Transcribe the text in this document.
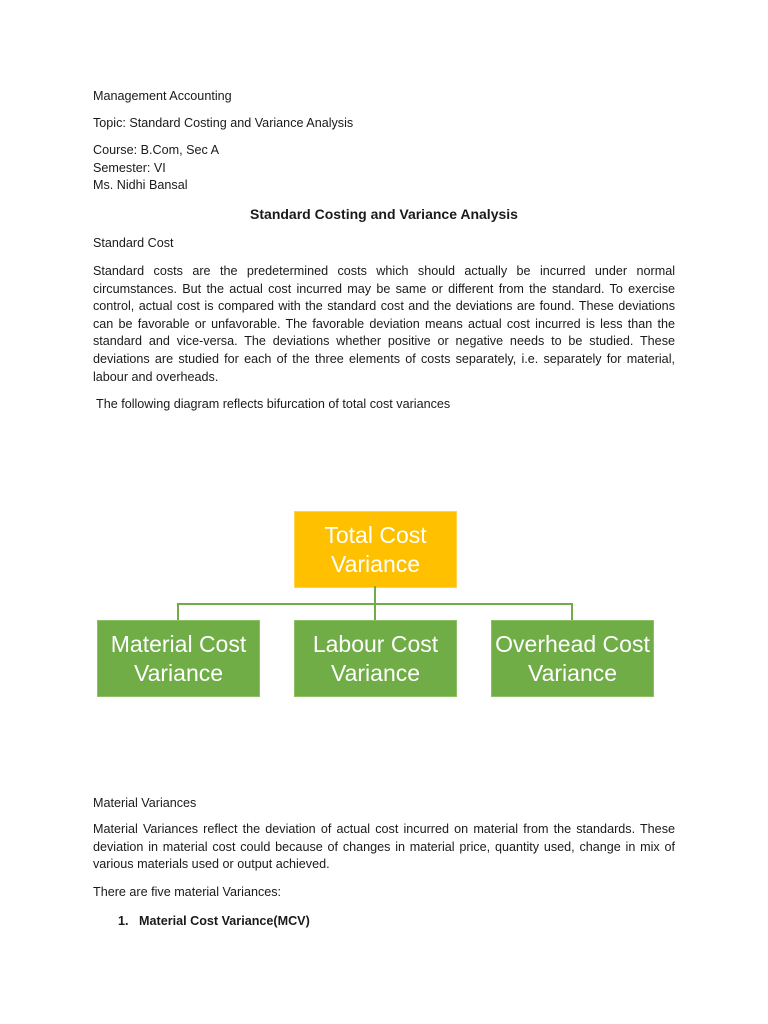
Management Accounting
Topic: Standard Costing and Variance Analysis
Course: B.Com, Sec A
Semester: VI
Ms. Nidhi Bansal
Standard Costing and Variance Analysis
Standard Cost
Standard costs are the predetermined costs which should actually be incurred under normal circumstances. But the actual cost incurred may be same or different from the standard. To exercise control, actual cost is compared with the standard cost and the deviations are found. These deviations can be favorable or unfavorable. The favorable deviation means actual cost incurred is less than the standard and vice-versa. The deviations whether positive or negative needs to be studied. These deviations are studied for each of the three elements of costs separately, i.e. separately for material, labour and overheads.
The following diagram reflects bifurcation of total cost variances
Total Cost Variance
Material Cost Variance
Labour Cost Variance
Overhead Cost Variance
Material Variances
Material Variances reflect the deviation of actual cost incurred on material from the standards. These deviation in material cost could because of changes in material price, quantity used, change in mix of various materials used or output achieved.
There are five material Variances:
1. Material Cost Variance(MCV)
